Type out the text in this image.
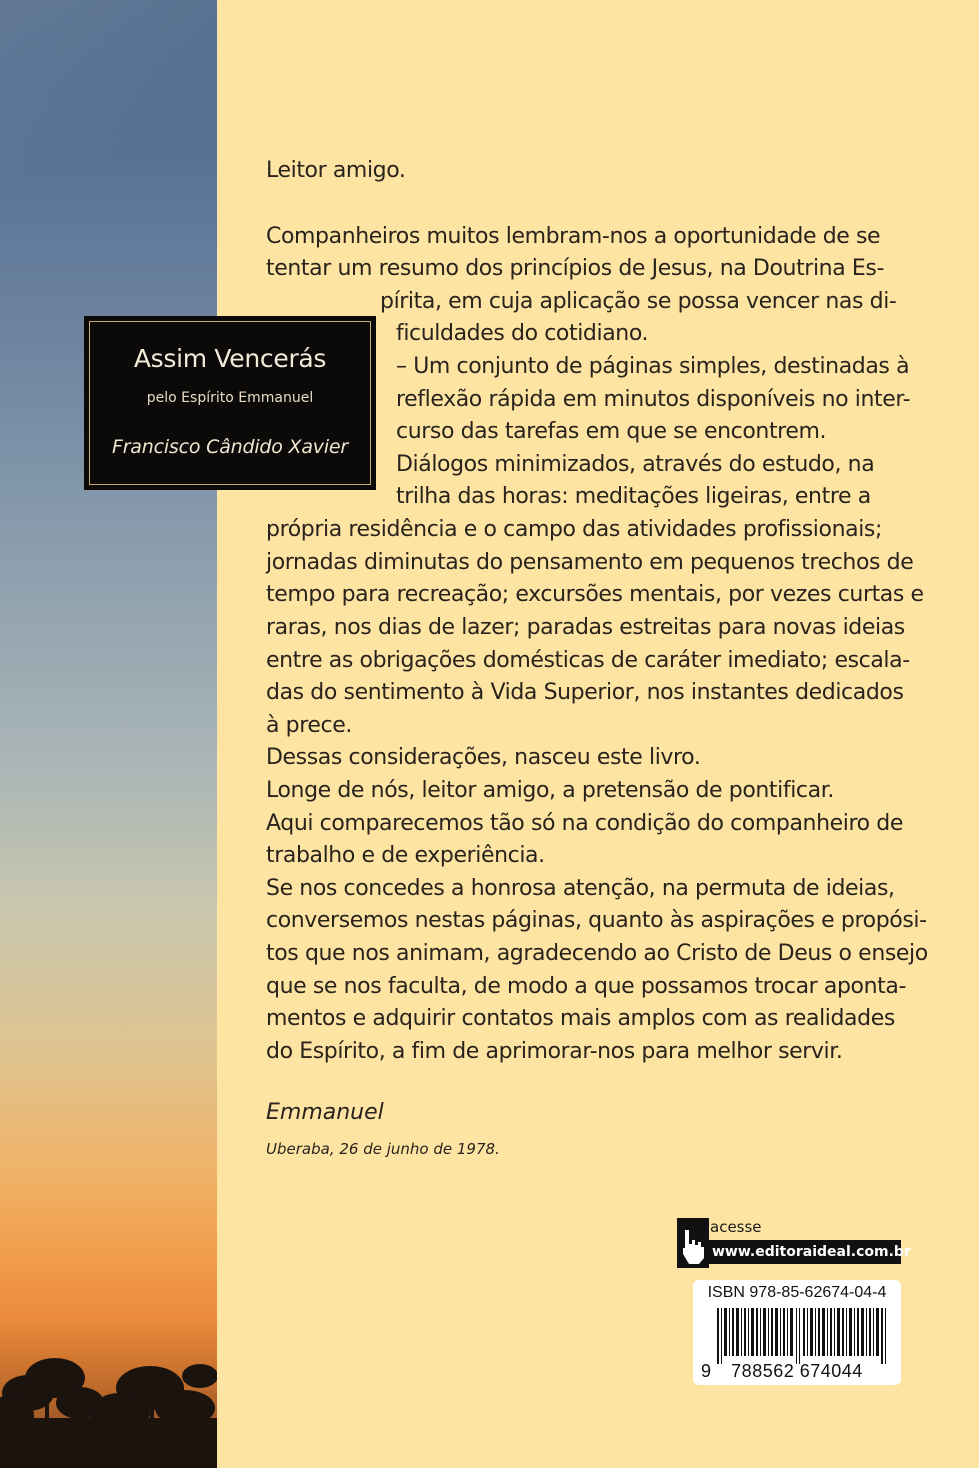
Assim Vencerás
pelo Espírito Emmanuel
Francisco Cândido Xavier
Leitor amigo.
Companheiros muitos lembram-nos a oportunidade de se
tentar um resumo dos princípios de Jesus, na Doutrina Es-
pírita, em cuja aplicação se possa vencer nas di-
ficuldades do cotidiano.
– Um conjunto de páginas simples, destinadas à
reflexão rápida em minutos disponíveis no inter-
curso das tarefas em que se encontrem.
Diálogos minimizados, através do estudo, na
trilha das horas: meditações ligeiras, entre a
própria residência e o campo das atividades profissionais;
jornadas diminutas do pensamento em pequenos trechos de
tempo para recreação; excursões mentais, por vezes curtas e
raras, nos dias de lazer; paradas estreitas para novas ideias
entre as obrigações domésticas de caráter imediato; escala-
das do sentimento à Vida Superior, nos instantes dedicados
à prece.
Dessas considerações, nasceu este livro.
Longe de nós, leitor amigo, a pretensão de pontificar.
Aqui comparecemos tão só na condição do companheiro de
trabalho e de experiência.
Se nos concedes a honrosa atenção, na permuta de ideias,
conversemos nestas páginas, quanto às aspirações e propósi-
tos que nos animam, agradecendo ao Cristo de Deus o ensejo
que se nos faculta, de modo a que possamos trocar aponta-
mentos e adquirir contatos mais amplos com as realidades
do Espírito, a fim de aprimorar-nos para melhor servir.
Emmanuel
Uberaba, 26 de junho de 1978.
acesse
www.editoraideal.com.br
ISBN 978-85-62674-04-4
9	788562 674044
